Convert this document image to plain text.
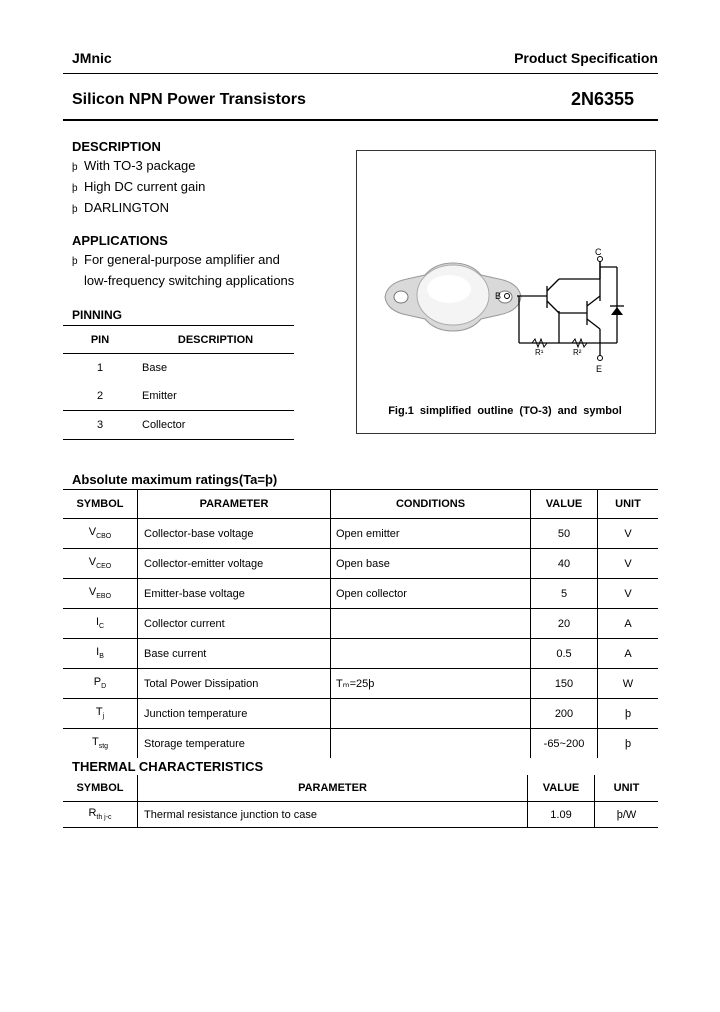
JMnic	Product Specification
Silicon NPN Power Transistors	2N6355
DESCRIPTION
þ With TO-3 package
þ High DC current gain
þ DARLINGTON
APPLICATIONS
þ For general-purpose amplifier and
low-frequency switching applications
PINNING
PIN	DESCRIPTION
1	Base
2	Emitter
3	Collector
C
B
E
R¹	R²
Fig.1 simplified outline (TO-3) and symbol
Absolute maximum ratings(Ta=þ)
SYMBOL	PARAMETER	CONDITIONS	VALUE	UNIT
$V_{CBO}$	Collector-base voltage	Open emitter	50	V
$V_{CEO}$	Collector-emitter voltage	Open base	40	V
$V_{EBO}$	Emitter-base voltage	Open collector	5	V
$I_C$	Collector current		20	A
$I_B$	Base current		0.5	A
$P_D$	Total Power Dissipation	Tₘ=25þ	150	W
$T_j$	Junction temperature		200	þ
$T_{stg}$	Storage temperature		-65~200	þ
THERMAL CHARACTERISTICS
SYMBOL	PARAMETER	VALUE	UNIT
$R_{th j-c}$	Thermal resistance junction to case	1.09	þ/W
